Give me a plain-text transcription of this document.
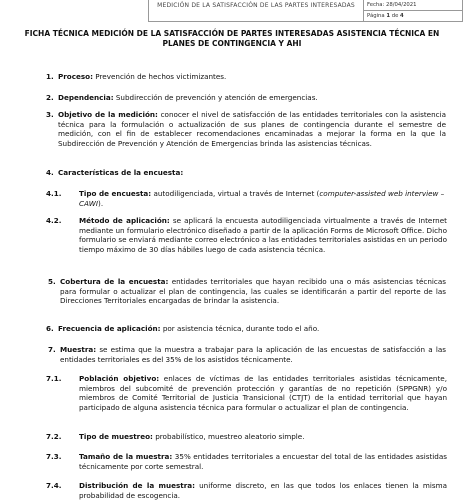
MEDICIÓN DE LA SATISFACCIÓN DE LAS PARTES INTERESADAS	Fecha: 28/04/2021
Página 1 de 4
FICHA TÉCNICA MEDICIÓN DE LA SATISFACCIÓN DE PARTES INTERESADAS ASISTENCIA TÉCNICA EN PLANES DE CONTINGENCIA Y AHI
1. Proceso: Prevención de hechos victimizantes.
2. Dependencia: Subdirección de prevención y atención de emergencias.
3. Objetivo de la medición: conocer el nivel de satisfacción de las entidades territoriales con la asistencia técnica para la formulación o actualización de sus planes de contingencia durante el semestre de medición, con el fin de establecer recomendaciones encaminadas a mejorar la forma en la que la Subdirección de Prevención y Atención de Emergencias brinda las asistencias técnicas.
4. Características de la encuesta:
4.1. Tipo de encuesta: autodiligenciada, virtual a través de Internet (computer-assisted web interview – CAWI).
4.2. Método de aplicación: se aplicará la encuesta autodiligenciada virtualmente a través de Internet mediante un formulario electrónico diseñado a partir de la aplicación Forms de Microsoft Office. Dicho formulario se enviará mediante correo electrónico a las entidades territoriales asistidas en un periodo tiempo máximo de 30 días hábiles luego de cada asistencia técnica.
5. Cobertura de la encuesta: entidades territoriales que hayan recibido una o más asistencias técnicas para formular o actualizar el plan de contingencia, las cuales se identificarán a partir del reporte de las Direcciones Territoriales encargadas de brindar la asistencia.
6. Frecuencia de aplicación: por asistencia técnica, durante todo el año.
7. Muestra: se estima que la muestra a trabajar para la aplicación de las encuestas de satisfacción a las entidades territoriales es del 35% de los asistidos técnicamente.
7.1. Población objetivo: enlaces de víctimas de las entidades territoriales asistidas técnicamente, miembros del subcomité de prevención protección y garantías de no repetición (SPPGNR) y/o miembros de Comité Territorial de Justicia Transicional (CTJT) de la entidad territorial que hayan participado de alguna asistencia técnica para formular o actualizar el plan de contingencia.
7.2. Tipo de muestreo: probabilístico, muestreo aleatorio simple.
7.3. Tamaño de la muestra: 35% entidades territoriales a encuestar del total de las entidades asistidas técnicamente por corte semestral.
7.4. Distribución de la muestra: uniforme discreto, en las que todos los enlaces tienen la misma probabilidad de escogencia.
